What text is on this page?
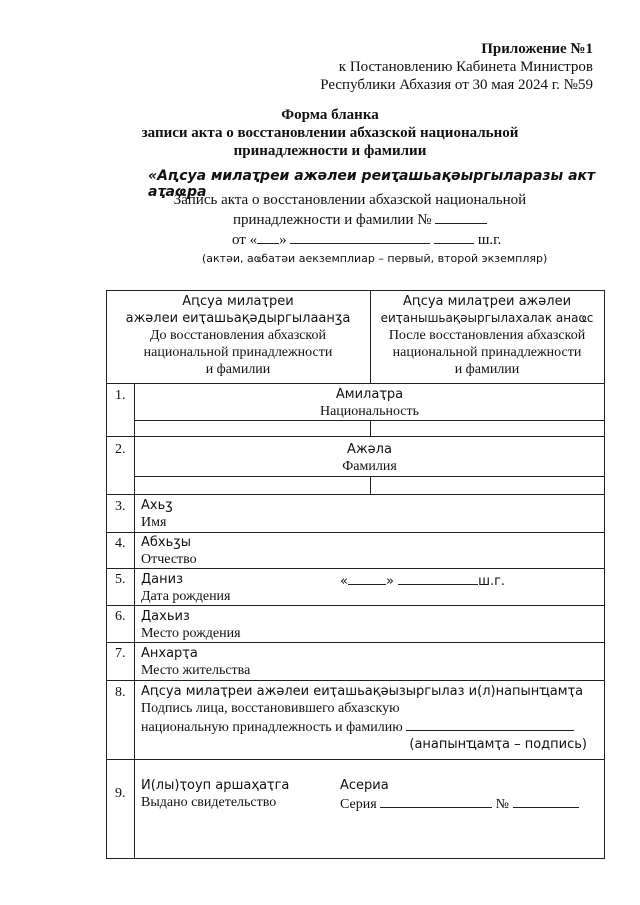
Приложение №1
к Постановлению Кабинета Министров
Республики Абхазия от 30 мая 2024 г. №59
Форма бланка
записи акта о восстановлении абхазской национальной
принадлежности и фамилии
«Аԥсуа милаҭреи ажәлеи реиҭашьақәыргыларазы акт аҭаҩра
Запись акта о восстановлении абхазской национальной
принадлежности и фамилии №
от « »	ш.г.
(актәи, аҩбатәи аекземплиар – первый, второй экземпляр)
Аԥсуа милаҭреи
ажәлеи еиҭашьақәдыргылаанӡа
До восстановления абхазской
национальной принадлежности
и фамилии
Аԥсуа милаҭреи ажәлеи
еиҭанышьақәыргылахалак анаҩс
После восстановления абхазской
национальной принадлежности
и фамилии
1.	Амилаҭра
Национальность
2.	Ажәла
Фамилия
3. Ахьӡ
Имя
4. Абхьӡы
Отчество
5. Даниз
Дата рождения
«	»	ш.г.
6. Дахьиз
Место рождения
7. Анхарҭа
Место жительства
8. Аԥсуа милаҭреи ажәлеи еиҭашьақәызыргылаз и(л)напынҵамҭа
Подпись лица, восстановившего абхазскую
национальную принадлежность и фамилию
(анапынҵамҭа – подпись)
9.
И(лы)ҭоуп аршаҳаҭга
Выдано свидетельство
Асериа
Серия	№
